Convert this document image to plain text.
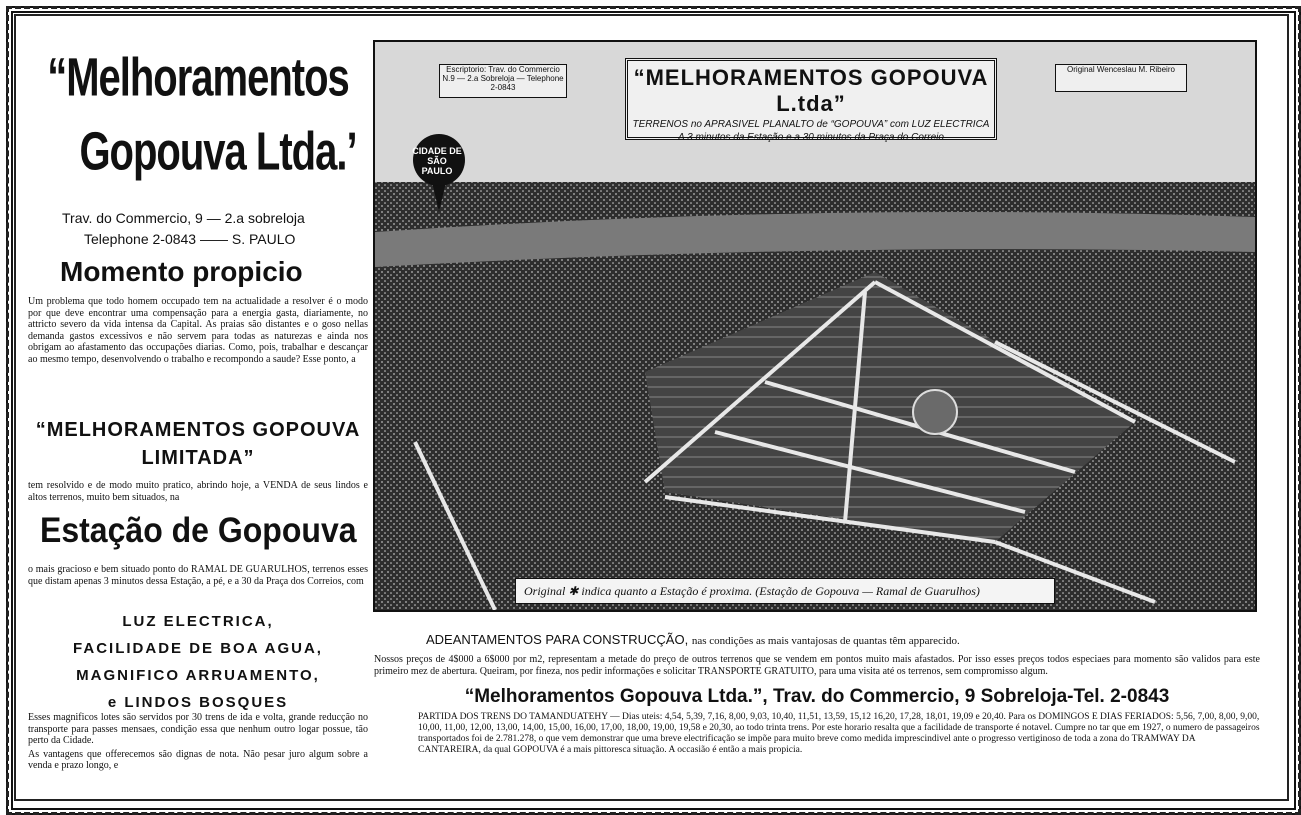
“Melhoramentos
Gopouva Ltda.’
Trav. do Commercio, 9 — 2.a sobreloja
Telephone 2-0843 —— S. PAULO
Momento propicio
Um problema que todo homem occupado tem na actualidade a resolver é o modo por que deve encontrar uma compensação para a energia gasta, diariamente, no attricto severo da vida intensa da Capital. As praias são distantes e o goso nellas demanda gastos excessivos e não servem para todas as naturezas e ainda nos obrigam ao afastamento das occupações diarias. Como, pois, trabalhar e descançar ao mesmo tempo, desenvolvendo o trabalho e recompondo a saude? Esse ponto, a
“MELHORAMENTOS GOPOUVA
LIMITADA”
tem resolvido e de modo muito pratico, abrindo hoje, a VENDA de seus lindos e altos terrenos, muito bem situados, na
Estação de Gopouva
o mais gracioso e bem situado ponto do RAMAL DE GUARULHOS, terrenos esses que distam apenas 3 minutos dessa Estação, a pé, e a 30 da Praça dos Correios, com
Escriptorio: Trav. do Commercio N.9 — 2.a Sobreloja — Telephone 2-0843	“MELHORAMENTOS GOPOUVA L.tda”
TERRENOS no APRASIVEL PLANALTO de “GOPOUVA” com LUZ ELECTRICA
A 3 minutos da Estação e a 30 minutos da Praça do Correio
Original Wenceslau M. Ribeiro
CIDADE DE SÃO PAULO
Original ✱ indica quanto a Estação é proxima. (Estação de Gopouva — Ramal de Guarulhos)
LUZ ELECTRICA,
FACILIDADE DE BOA AGUA,
MAGNIFICO ARRUAMENTO,
e LINDOS BOSQUES
Esses magnificos lotes são servidos por 30 trens de ida e volta, grande reducção no transporte para passes mensaes, condição essa que nenhum outro logar possue, tão perto da Cidade.
As vantagens que offerecemos são dignas de nota. Não pesar juro algum sobre a venda e prazo longo, e
ADEANTAMENTOS PARA CONSTRUCÇÃO, nas condições as mais vantajosas de quantas têm apparecido.
Nossos preços de 4$000 a 6$000 por m2, representam a metade do preço de outros terrenos que se vendem em pontos muito mais afastados. Por isso esses preços todos especiaes para momento são validos para este primeiro mez de abertura. Queiram, por fineza, nos pedir informações e solicitar TRANSPORTE GRATUITO, para uma visita até os terrenos, sem compromisso algum.
“Melhoramentos Gopouva Ltda.”, Trav. do Commercio, 9 Sobreloja-Tel. 2-0843
PARTIDA DOS TRENS DO TAMANDUATEHY — Dias uteis: 4,54, 5,39, 7,16, 8,00, 9,03, 10,40, 11,51, 13,59, 15,12 16,20, 17,28, 18,01, 19,09 e 20,40. Para os DOMINGOS E DIAS FERIADOS: 5,56, 7,00, 8,00, 9,00, 10,00, 11,00, 12,00, 13,00, 14,00, 15,00, 16,00, 17,00, 18,00, 19,00, 19,58 e 20,30, ao todo trinta trens. Por este horario resalta que a facilidade de transporte é notavel. Cumpre no tar que em 1927, o numero de passageiros transportados foi de 2.781.278, o que vem demonstrar que uma breve electrificação se impõe para muito breve como medida imprescindivel ante o progresso vertiginoso de toda a zona do TRAMWAY DA CANTAREIRA, da qual GOPOUVA é a mais pittoresca situação. A occasião é então a mais propicia.
